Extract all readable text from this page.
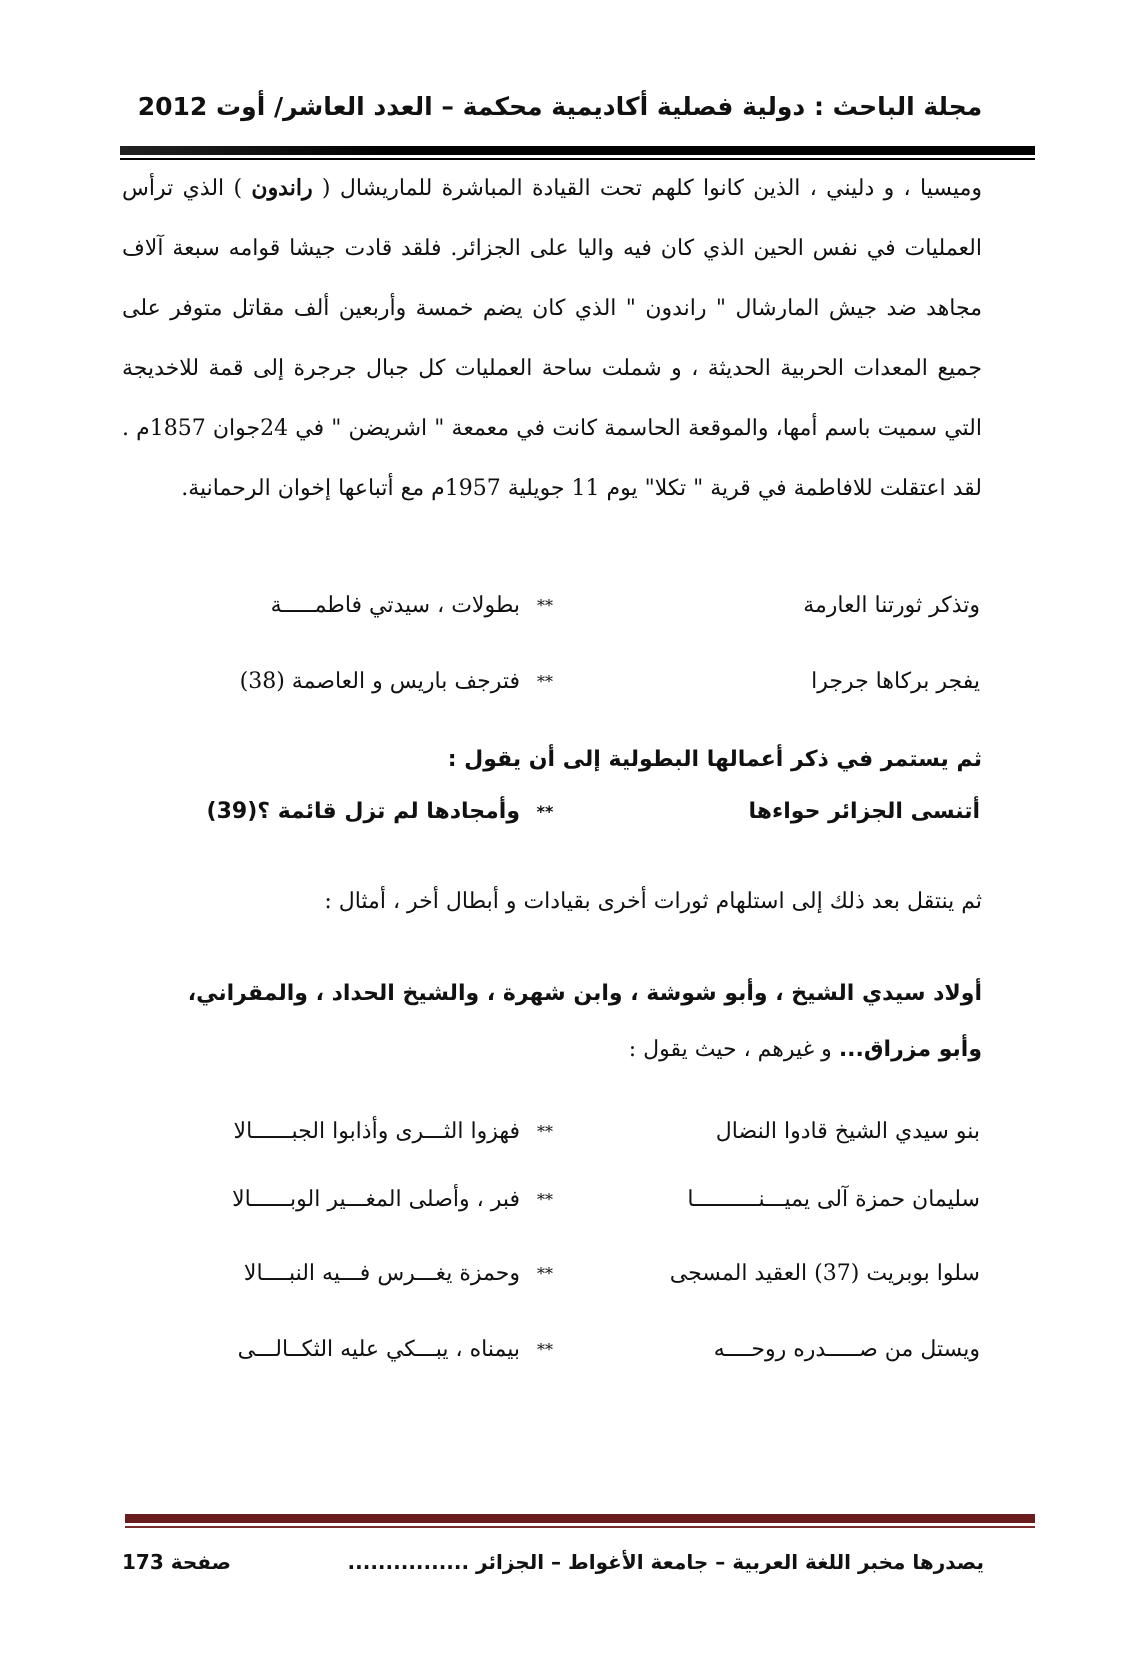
مجلة الباحث : دولية فصلية أكاديمية محكمة – العدد العاشر/ أوت 2012
وميسيا ، و دليني ، الذين كانوا كلهم تحت القيادة المباشرة للماريشال ( راندون ) الذي ترأس العمليات في نفس الحين الذي كان فيه واليا على الجزائر. فلقد قادت جيشا قوامه سبعة آلاف مجاهد ضد جيش المارشال " راندون " الذي كان يضم خمسة وأربعين ألف مقاتل متوفر على جميع المعدات الحربية الحديثة ، و شملت ساحة العمليات كل جبال جرجرة إلى قمة للاخديجة التي سميت باسم أمها، والموقعة الحاسمة كانت في معمعة " اشريضن " في 24جوان 1857م . لقد اعتقلت للافاطمة في قرية " تكلا" يوم 11 جويلية 1957م مع أتباعها إخوان الرحمانية.
وتذكر ثورتنا العارمة
**
بطولات ، سيدتي فاطمـــــة
يفجر بركاها جرجرا
**
فترجف باريس و العاصمة (38)
ثم يستمر في ذكر أعمالها البطولية إلى أن يقول :
أتنسى الجزائر حواءها
**
وأمجادها لم تزل قائمة ؟(39)
ثم ينتقل بعد ذلك إلى استلهام ثورات أخرى بقيادات و أبطال أخر ، أمثال :
أولاد سيدي الشيخ ، وأبو شوشة ، وابن شهرة ، والشيخ الحداد ، والمقراني،
وأبو مزراق... و غيرهم ، حيث يقول :
بنو سيدي الشيخ قادوا النضال
**
فهزوا الثـــرى وأذابوا الجبــــــالا
سليمان حمزة آلى يميـــنــــــــــا
**
فبر ، وأصلى المغـــير الوبــــــالا
سلوا بوبريت (37) العقيد المسجى
**
وحمزة يغـــرس فـــيه النبــــالا
ويستل من صـــــدره روحــــه
**
بيمناه ، يبـــكي عليه الثكــالـــى
يصدرها مخبر اللغة العربية – جامعة الأغواط – الجزائر ................
صفحة 173
